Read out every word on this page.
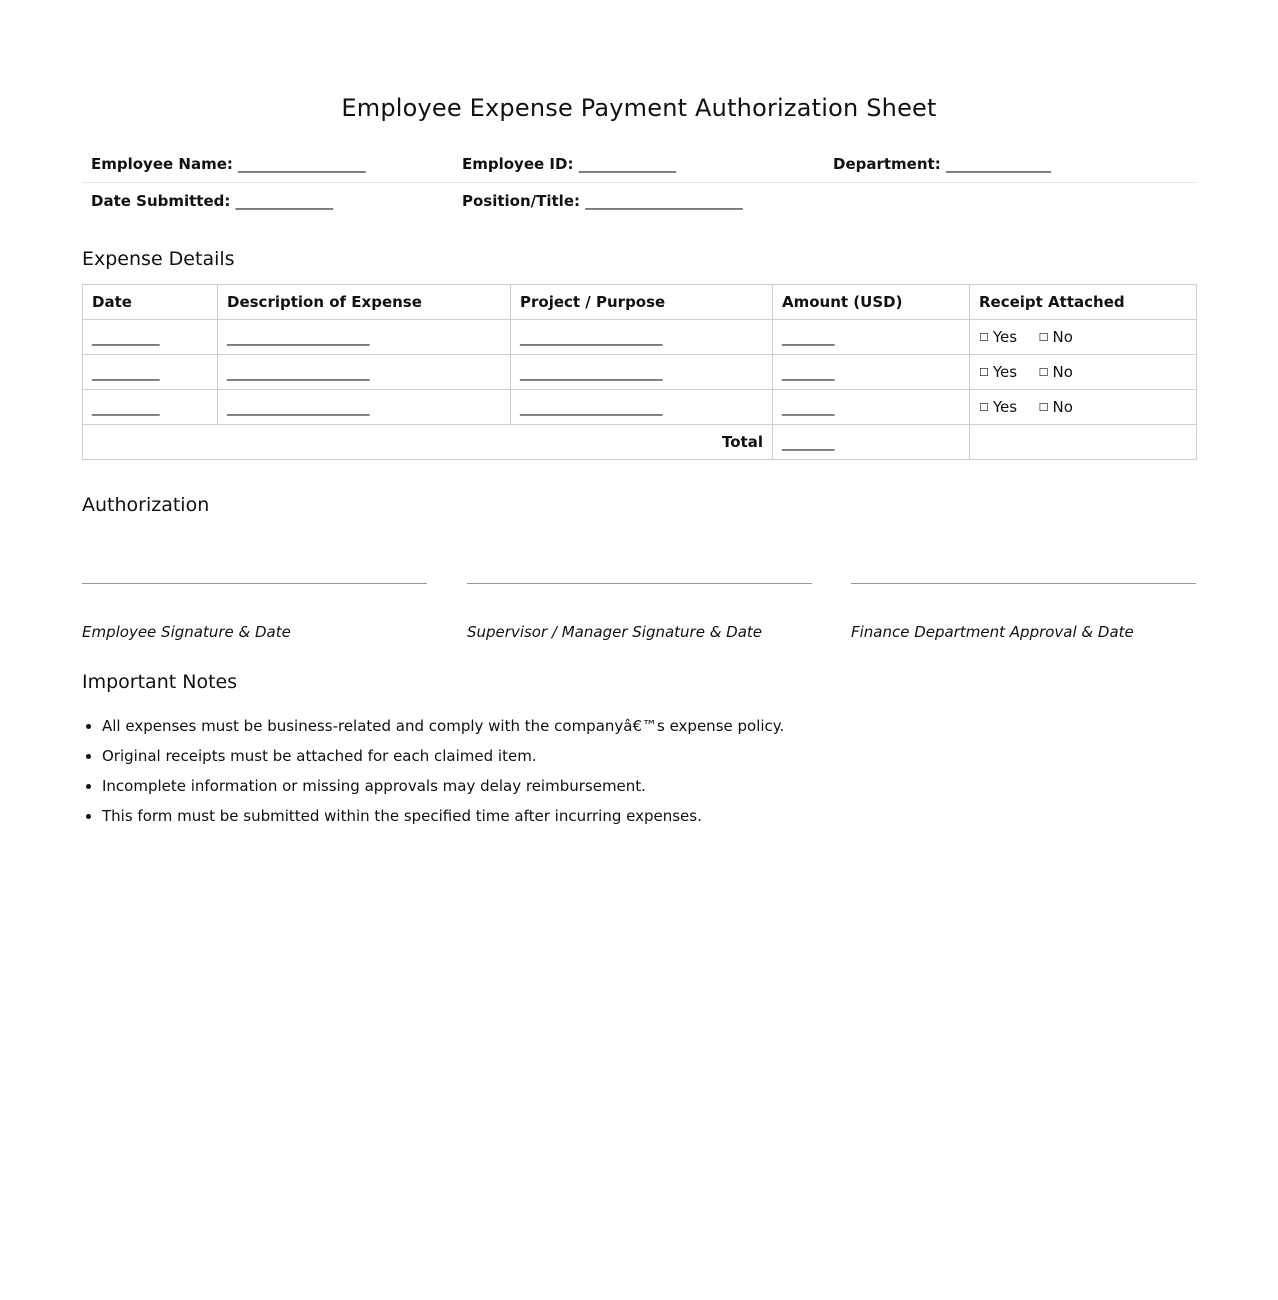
Employee Expense Payment Authorization Sheet
Employee Name: _________________	Employee ID: _____________	Department: ______________
Date Submitted: _____________	Position/Title: _____________________
Expense Details
Date	Description of Expense	Project / Purpose	Amount (USD)	Receipt Attached
_________	___________________	___________________	_______	☐ Yes ☐ No
_________	___________________	___________________	_______	☐ Yes ☐ No
_________	___________________	___________________	_______	☐ Yes ☐ No
Total			_______	
Authorization
Employee Signature & Date	Supervisor / Manager Signature & Date	Finance Department Approval & Date
Important Notes
• All expenses must be business-related and comply with the companyâ€™s expense policy.
• Original receipts must be attached for each claimed item.
• Incomplete information or missing approvals may delay reimbursement.
• This form must be submitted within the specified time after incurring expenses.
